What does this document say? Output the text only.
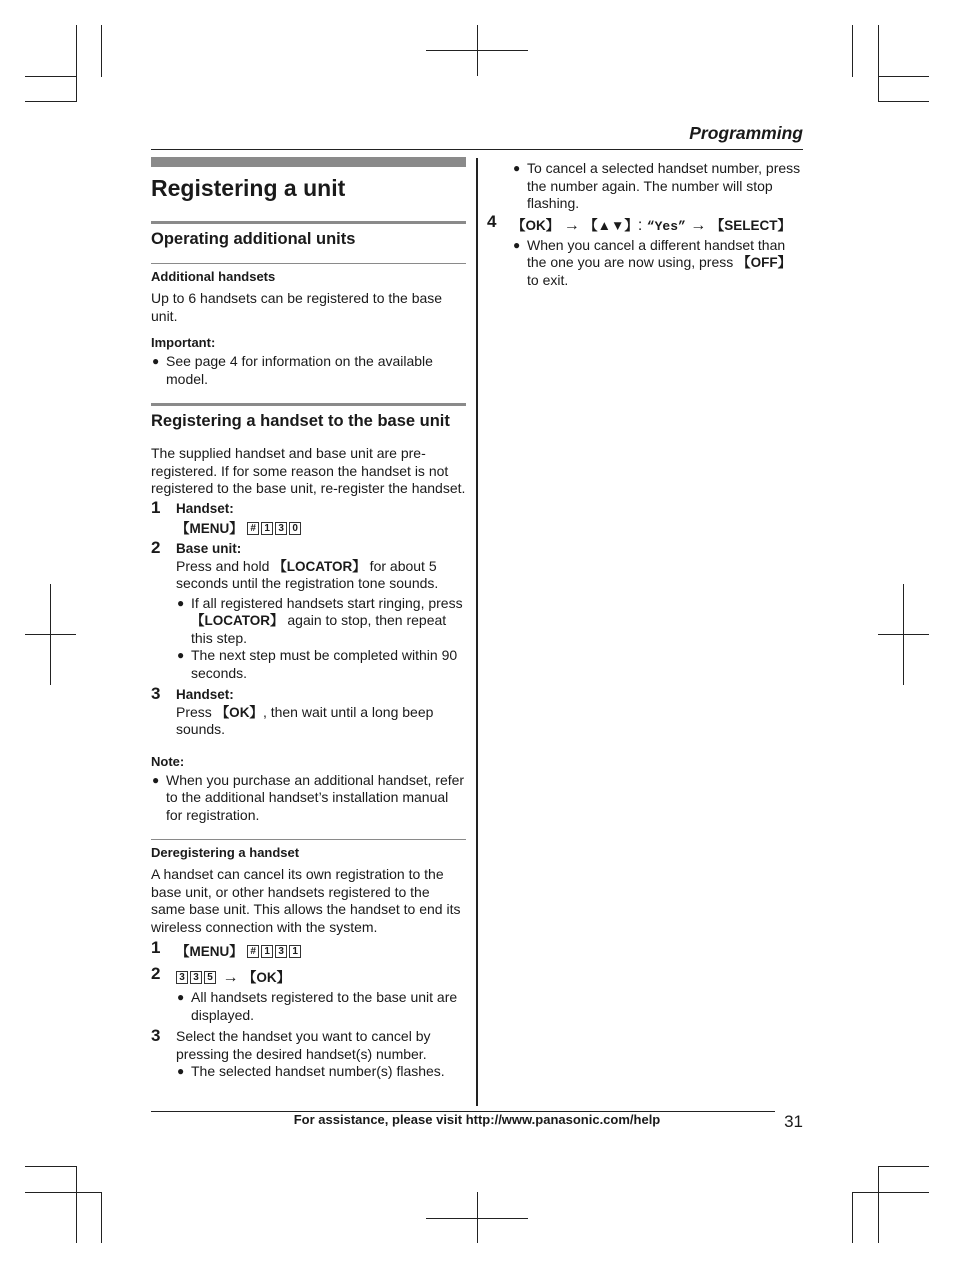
Programming
Registering a unit
Operating additional units
Additional handsets

Up to 6 handsets can be registered to the base unit.

Important:
● See page 4 for information on the available model.
Registering a handset to the base unit

The supplied handset and base unit are pre-registered. If for some reason the handset is not registered to the base unit, re-register the handset.

1 Handset:
【MENU】 # 1 3 0
2 Base unit:

Press and hold 【LOCATOR】 for about 5 seconds until the registration tone sounds.

● If all registered handsets start ringing, press 【LOCATOR】 again to stop, then repeat this step.
● The next step must be completed within 90 seconds.
3 Handset:

Press 【OK】, then wait until a long beep sounds.

Note:
● When you purchase an additional handset, refer to the additional handset’s installation manual for registration.
Deregistering a handset

A handset can cancel its own registration to the base unit, or other handsets registered to the same base unit. This allows the handset to end its wireless connection with the system.

1 【MENU】 # 1 3 1
2	3 3 5 → 【OK】
● All handsets registered to the base unit are displayed.
3 Select the handset you want to cancel by pressing the desired handset(s) number.

● The selected handset number(s) flashes.
● To cancel a selected handset number, press the number again. The number will stop flashing.
4 【OK】 → 【▲▼】: “Yes” → 【SELECT】
● When you cancel a different handset than the one you are now using, press 【OFF】 to exit.
For assistance, please visit http://www.panasonic.com/help	31
